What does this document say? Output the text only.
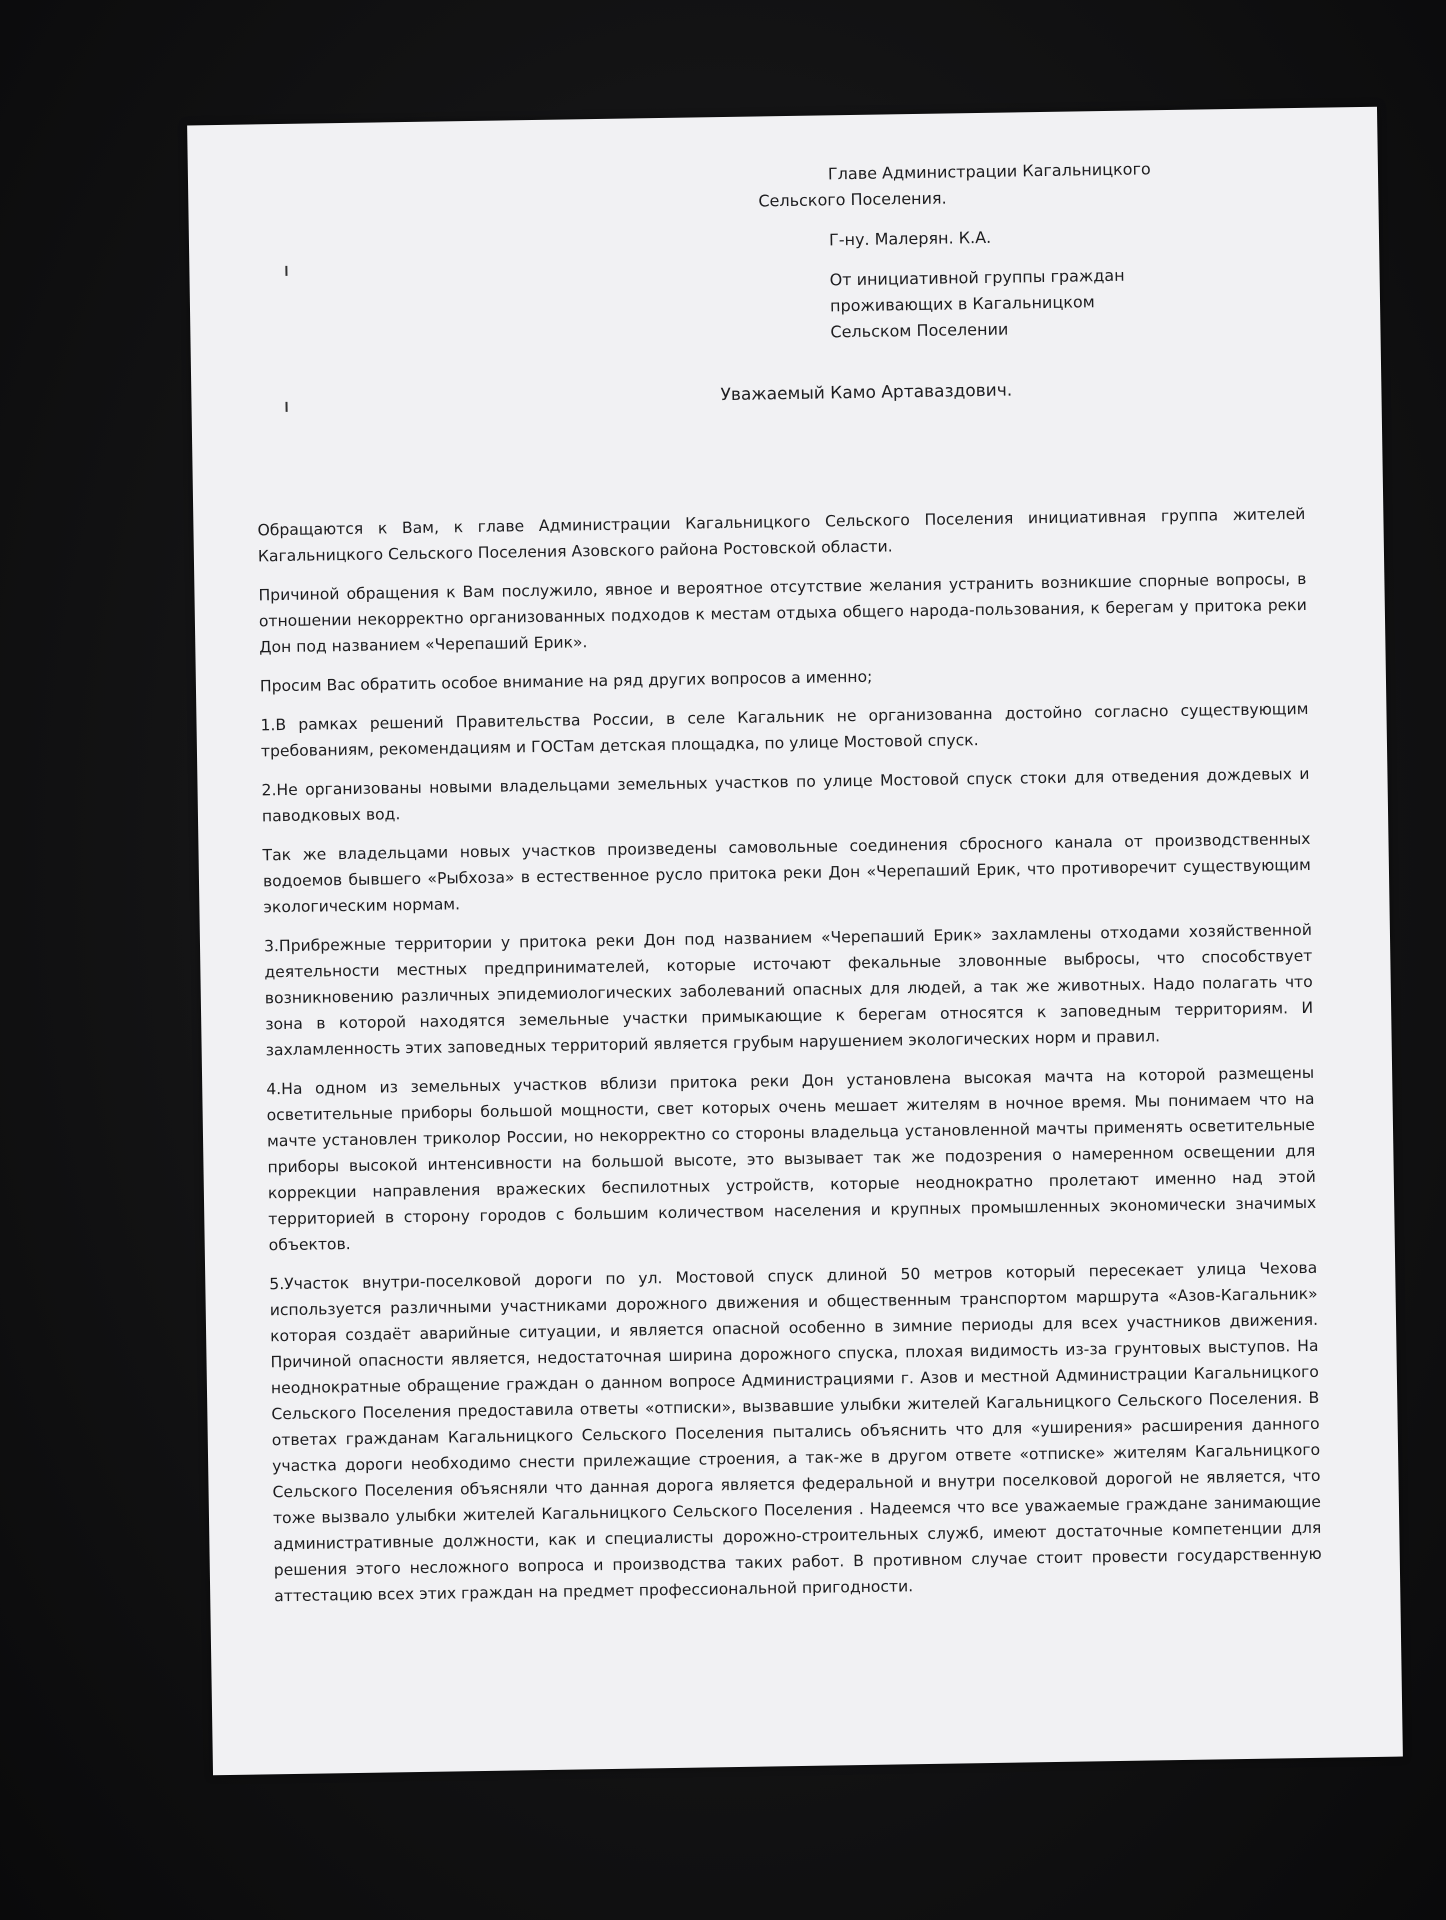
Главе Администрации Кагальницкого

Сельского Поселения.

Г-ну. Малерян. К.А.

От инициативной группы граждан

проживающих в Кагальницком

Сельском Поселении

Уважаемый Камо Артаваздович.

Обращаются к Вам, к главе Администрации Кагальницкого Сельского Поселения инициативная группа жителей Кагальницкого Сельского Поселения Азовского района Ростовской области.

Причиной обращения к Вам послужило, явное и вероятное отсутствие желания устранить возникшие спорные вопросы, в отношении некорректно организованных подходов к местам отдыха общего народа-пользования, к берегам у притока реки Дон под названием «Черепаший Ерик».

Просим Вас обратить особое внимание на ряд других вопросов а именно;

1.В рамках решений Правительства России, в селе Кагальник не организованна достойно согласно существующим требованиям, рекомендациям и ГОСТам детская площадка, по улице Мостовой спуск.

2.Не организованы новыми владельцами земельных участков по улице Мостовой спуск стоки для отведения дождевых и паводковых вод.

Так же владельцами новых участков произведены самовольные соединения сбросного канала от производственных водоемов бывшего «Рыбхоза» в естественное русло притока реки Дон «Черепаший Ерик, что противоречит существующим экологическим нормам.

3.Прибрежные территории у притока реки Дон под названием «Черепаший Ерик» захламлены отходами хозяйственной деятельности местных предпринимателей, которые источают фекальные зловонные выбросы, что способствует возникновению различных эпидемиологических заболеваний опасных для людей, а так же животных. Надо полагать что зона в которой находятся земельные участки примыкающие к берегам относятся к заповедным территориям. И захламленность этих заповедных территорий является грубым нарушением экологических норм и правил.

4.На одном из земельных участков вблизи притока реки Дон установлена высокая мачта на которой размещены осветительные приборы большой мощности, свет которых очень мешает жителям в ночное время. Мы понимаем что на мачте установлен триколор России, но некорректно со стороны владельца установленной мачты применять осветительные приборы высокой интенсивности на большой высоте, это вызывает так же подозрения о намеренном освещении для коррекции направления вражеских беспилотных устройств, которые неоднократно пролетают именно над этой территорией в сторону городов с большим количеством населения и крупных промышленных экономически значимых объектов.

5.Участок внутри-поселковой дороги по ул. Мостовой спуск длиной 50 метров который пересекает улица Чехова используется различными участниками дорожного движения и общественным транспортом маршрута «Азов-Кагальник» которая создаёт аварийные ситуации, и является опасной особенно в зимние периоды для всех участников движения. Причиной опасности является, недостаточная ширина дорожного спуска, плохая видимость из-за грунтовых выступов. На неоднократные обращение граждан о данном вопросе Администрациями г. Азов и местной Администрации Кагальницкого Сельского Поселения предоставила ответы «отписки», вызвавшие улыбки жителей Кагальницкого Сельского Поселения. В ответах гражданам Кагальницкого Сельского Поселения пытались объяснить что для «уширения» расширения данного участка дороги необходимо снести прилежащие строения, а так-же в другом ответе «отписке» жителям Кагальницкого Сельского Поселения объясняли что данная дорога является федеральной и внутри поселковой дорогой не является, что тоже вызвало улыбки жителей Кагальницкого Сельского Поселения . Надеемся что все уважаемые граждане занимающие административные должности, как и специалисты дорожно-строительных служб, имеют достаточные компетенции для решения этого несложного вопроса и производства таких работ. В противном случае стоит провести государственную аттестацию всех этих граждан на предмет профессиональной пригодности.
